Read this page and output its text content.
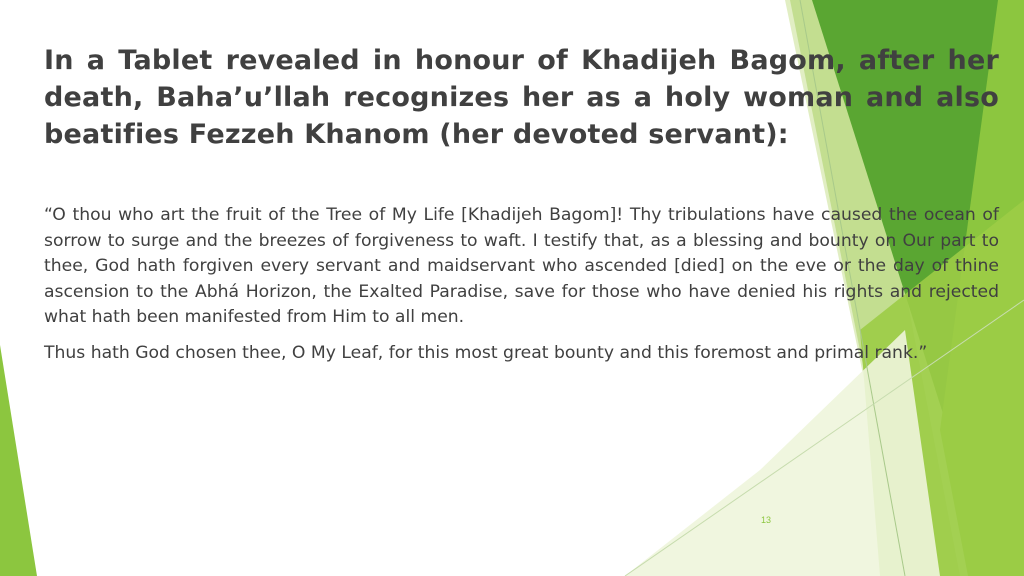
In a Tablet revealed in honour of Khadijeh Bagom, after her death, Baha’u’llah recognizes her as a holy woman and also beatifies Fezzeh Khanom (her devoted servant):

“O thou who art the fruit of the Tree of My Life [Khadijeh Bagom]! Thy tribulations have caused the ocean of sorrow to surge and the breezes of forgiveness to waft. I testify that, as a blessing and bounty on Our part to thee, God hath forgiven every servant and maidservant who ascended [died] on the eve or the day of thine ascension to the Abhá Horizon, the Exalted Paradise, save for those who have denied his rights and rejected what hath been manifested from Him to all men.

Thus hath God chosen thee, O My Leaf, for this most great bounty and this foremost and primal rank.”

13
